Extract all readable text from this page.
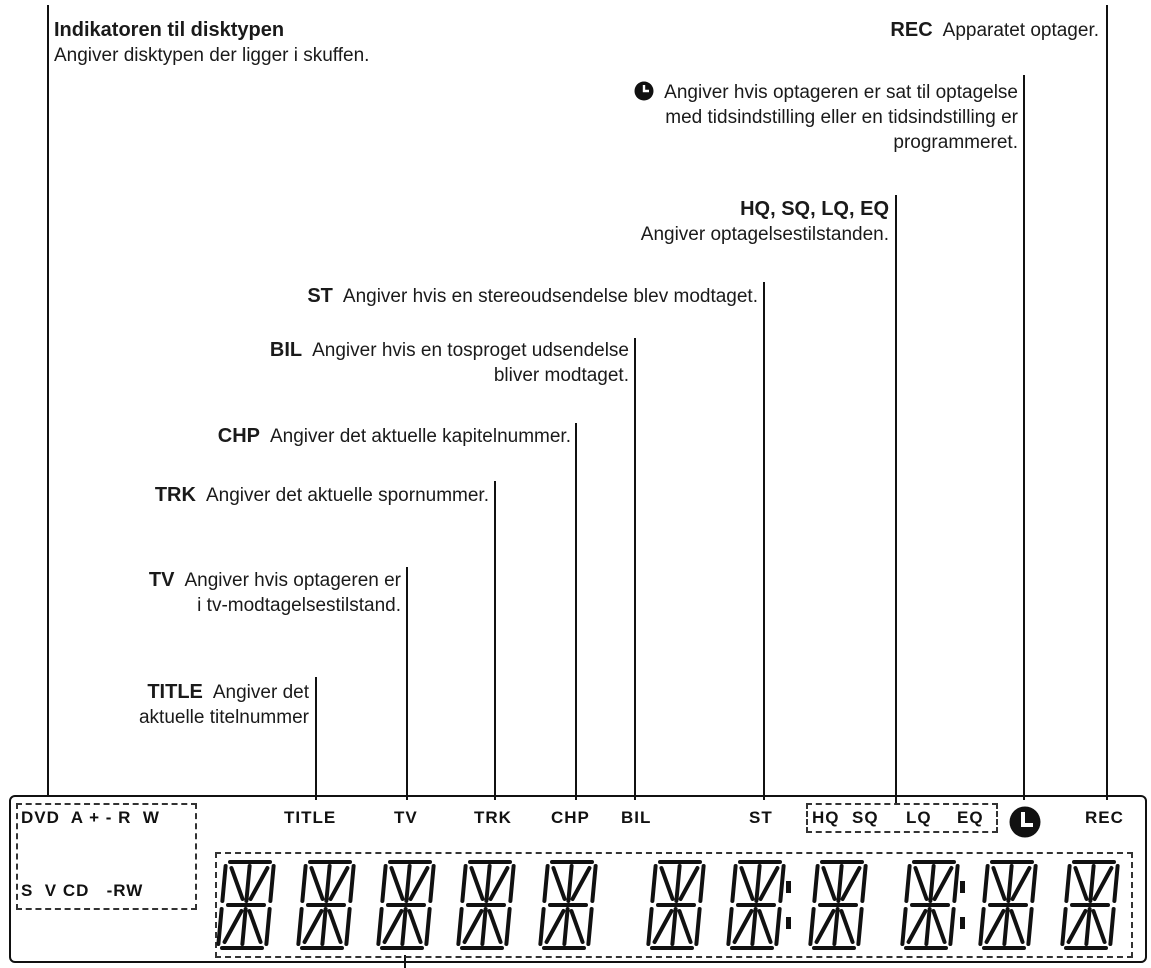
Indikatoren til disktypen
Angiver disktypen der ligger i skuffen.
REC Apparatet optager.
Angiver hvis optageren er sat til optagelse
med tidsindstilling eller en tidsindstilling er
programmeret.
HQ, SQ, LQ, EQ
Angiver optagelsestilstanden.
ST Angiver hvis en stereoudsendelse blev modtaget.
BIL Angiver hvis en tosproget udsendelse
bliver modtaget.
CHP Angiver det aktuelle kapitelnummer.
TRK Angiver det aktuelle spornummer.
TV Angiver hvis optageren er
i tv-modtagelsestilstand.
TITLE Angiver det
aktuelle titelnummer
DVD  A + - R  W
S  V CD   -RW
TITLE	TV	TRK CHP BIL	ST HQ SQ LQ EQ	REC
